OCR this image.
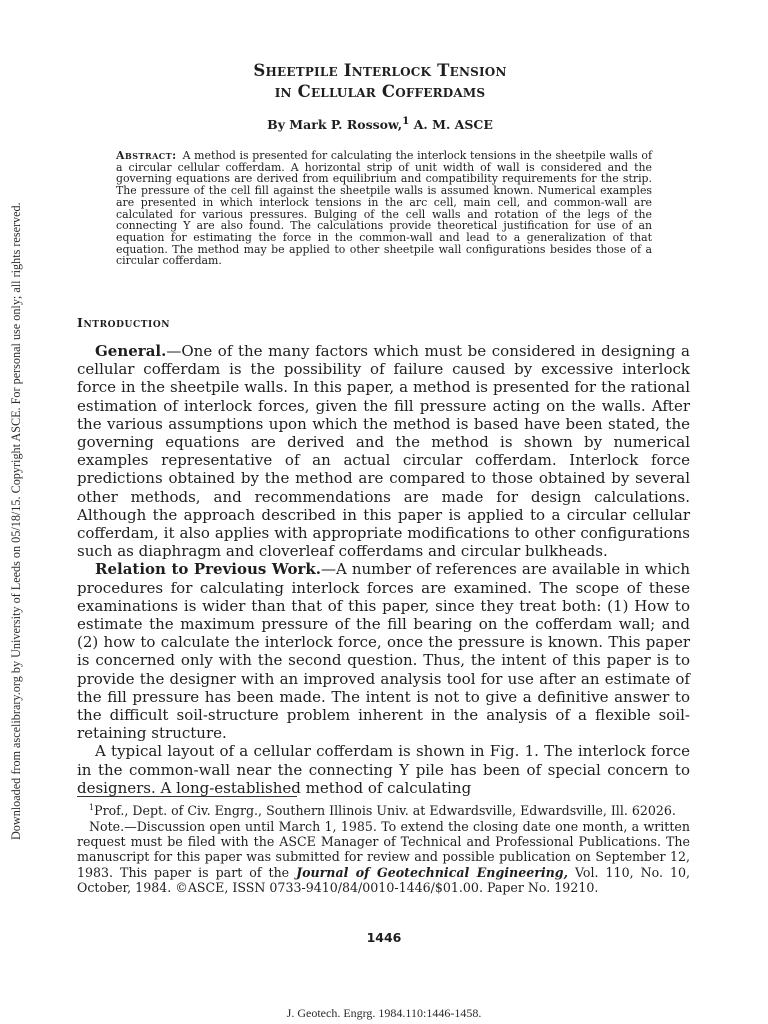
Downloaded from ascelibrary.org by University of Leeds on 05/18/15. Copyright ASCE. For personal use only; all rights reserved.
Sheetpile Interlock Tension
in Cellular Cofferdams
By Mark P. Rossow,$^1$ A. M. ASCE
Abstract: A method is presented for calculating the interlock tensions in the sheetpile walls of a circular cellular cofferdam. A horizontal strip of unit width of wall is considered and the governing equations are derived from equilibrium and compatibility requirements for the strip. The pressure of the cell fill against the sheetpile walls is assumed known. Numerical examples are presented in which interlock tensions in the arc cell, main cell, and common-wall are calculated for various pressures. Bulging of the cell walls and rotation of the legs of the connecting Y are also found. The calculations provide theoretical justification for use of an equation for estimating the force in the common-wall and lead to a generalization of that equation. The method may be applied to other sheetpile wall configurations besides those of a circular cofferdam.
Introduction

General.—One of the many factors which must be considered in designing a cellular cofferdam is the possibility of failure caused by excessive interlock force in the sheetpile walls. In this paper, a method is presented for the rational estimation of interlock forces, given the fill pressure acting on the walls. After the various assumptions upon which the method is based have been stated, the governing equations are derived and the method is shown by numerical examples representative of an actual circular cofferdam. Interlock force predictions obtained by the method are compared to those obtained by several other methods, and recommendations are made for design calculations. Although the approach described in this paper is applied to a circular cellular cofferdam, it also applies with appropriate modifications to other configurations such as diaphragm and cloverleaf cofferdams and circular bulkheads.

Relation to Previous Work.—A number of references are available in which procedures for calculating interlock forces are examined. The scope of these examinations is wider than that of this paper, since they treat both: (1) How to estimate the maximum pressure of the fill bearing on the cofferdam wall; and (2) how to calculate the interlock force, once the pressure is known. This paper is concerned only with the second question. Thus, the intent of this paper is to provide the designer with an improved analysis tool for use after an estimate of the fill pressure has been made. The intent is not to give a definitive answer to the difficult soil-structure problem inherent in the analysis of a flexible soil-retaining structure.

A typical layout of a cellular cofferdam is shown in Fig. 1. The interlock force in the common-wall near the connecting Y pile has been of special concern to designers. A long-established method of calculating

$^1$Prof., Dept. of Civ. Engrg., Southern Illinois Univ. at Edwardsville, Edwardsville, Ill. 62026.

Note.—Discussion open until March 1, 1985. To extend the closing date one month, a written request must be filed with the ASCE Manager of Technical and Professional Publications. The manuscript for this paper was submitted for review and possible publication on September 12, 1983. This paper is part of the Journal of Geotechnical Engineering, Vol. 110, No. 10, October, 1984. ©ASCE, ISSN 0733-9410/84/0010-1446/$01.00. Paper No. 19210.

1446
J. Geotech. Engrg. 1984.110:1446-1458.
